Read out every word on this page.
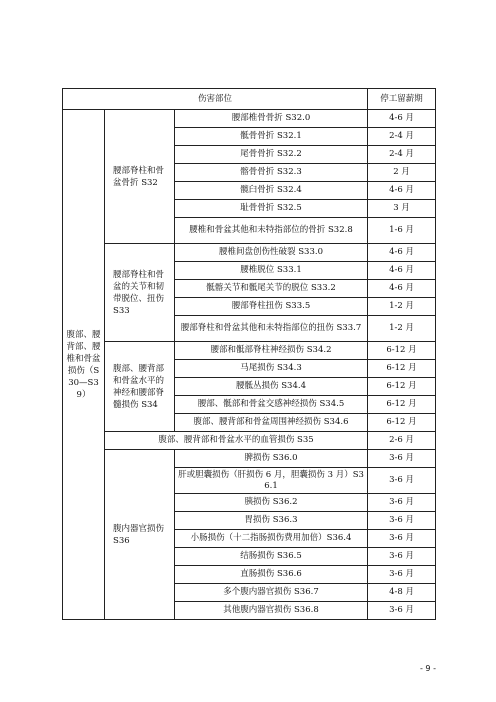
伤害部位			停工留薪期
腹部、腰背部、腰椎和骨盆损伤（S30—S39）	腰部脊柱和骨盆骨折 S32	腰部椎骨骨折 S32.0	4-6 月
		骶骨骨折 S32.1	2-4 月
		尾骨骨折 S32.2	2-4 月
		髂骨骨折 S32.3	2 月
		髋臼骨折 S32.4	4-6 月
		耻骨骨折 S32.5	3 月
		腰椎和骨盆其他和未特指部位的骨折 S32.8	1-6 月
	腰部脊柱和骨盆的关节和韧带脱位、扭伤 S33	腰椎间盘创伤性破裂 S33.0	4-6 月
		腰椎脱位 S33.1	4-6 月
		骶髂关节和骶尾关节的脱位 S33.2	4-6 月
		腰部脊柱扭伤 S33.5	1-2 月
		腰部脊柱和骨盆其他和未特指部位的扭伤 S33.7	1-2 月
	腹部、腰背部和骨盆水平的神经和腰部脊髓损伤 S34	腰部和骶部脊柱神经损伤 S34.2	6-12 月
		马尾损伤 S34.3	6-12 月
		腰骶丛损伤 S34.4	6-12 月
		腰部、骶部和骨盆交感神经损伤 S34.5	6-12 月
		腹部、腰背部和骨盆周围神经损伤 S34.6	6-12 月
	腹部、腰背部和骨盆水平的血管损伤 S35		2-6 月
	腹内器官损伤 S36	脾损伤 S36.0	3-6 月
		肝或胆囊损伤（肝损伤 6 月，胆囊损伤 3 月）S36.1	3-6 月
		胰损伤 S36.2	3-6 月
		胃损伤 S36.3	3-6 月
		小肠损伤（十二指肠损伤费用加倍）S36.4	3-6 月
		结肠损伤 S36.5	3-6 月
		直肠损伤 S36.6	3-6 月
		多个腹内器官损伤 S36.7	4-8 月
		其他腹内器官损伤 S36.8	3-6 月
- 9 -
